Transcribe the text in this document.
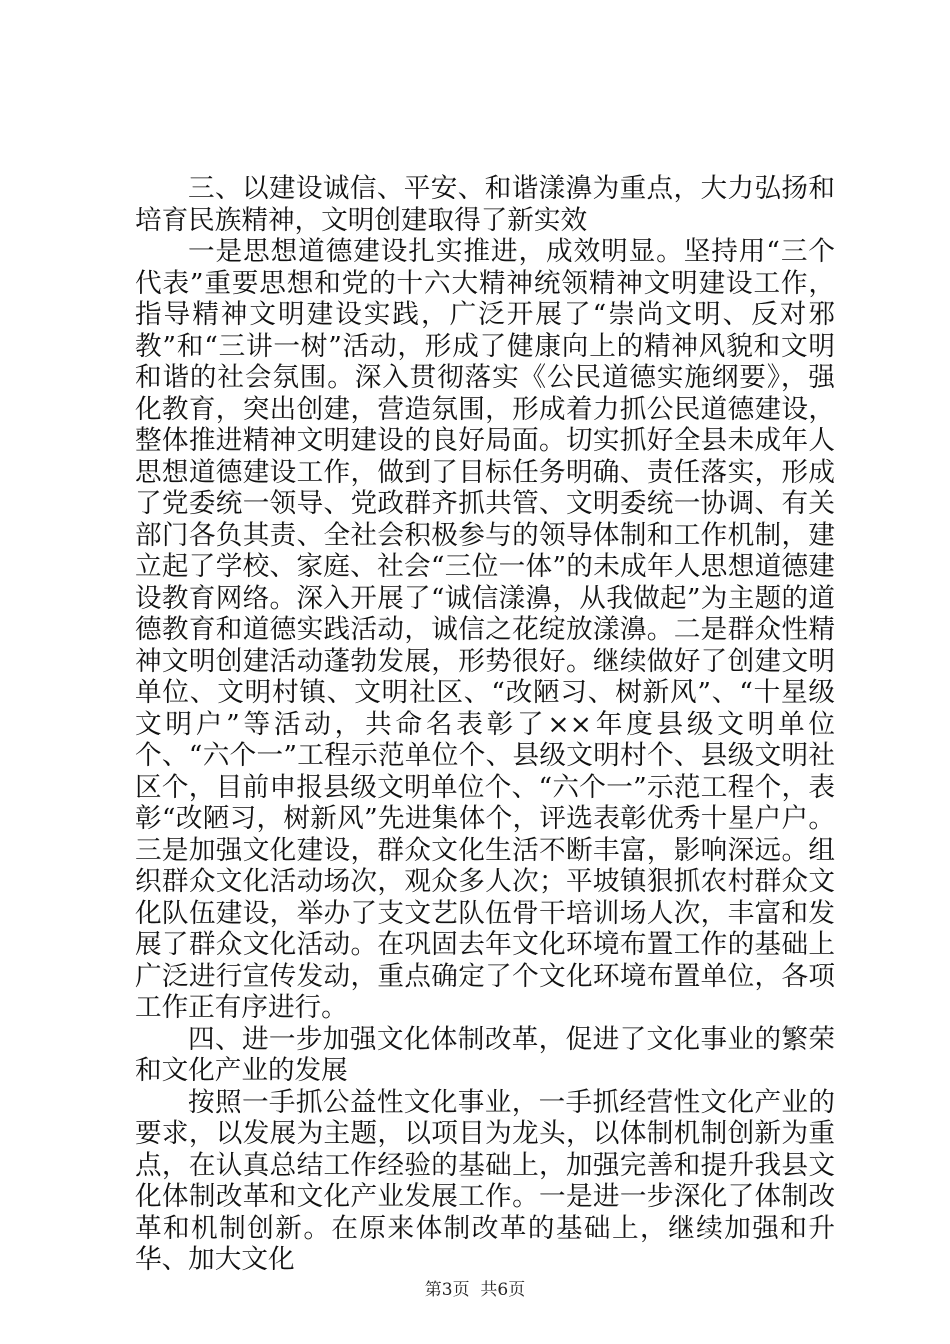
三、以建设诚信、平安、和谐漾濞为重点，大力弘扬和培育民族精神，文明创建取得了新实效

一是思想道德建设扎实推进，成效明显。坚持用“三个代表”重要思想和党的十六大精神统领精神文明建设工作，指导精神文明建设实践，广泛开展了“崇尚文明、反对邪教”和“三讲一树”活动，形成了健康向上的精神风貌和文明和谐的社会氛围。深入贯彻落实《公民道德实施纲要》，强化教育，突出创建，营造氛围，形成着力抓公民道德建设，整体推进精神文明建设的良好局面。切实抓好全县未成年人思想道德建设工作，做到了目标任务明确、责任落实，形成了党委统一领导、党政群齐抓共管、文明委统一协调、有关部门各负其责、全社会积极参与的领导体制和工作机制，建立起了学校、家庭、社会“三位一体”的未成年人思想道德建设教育网络。深入开展了“诚信漾濞，从我做起”为主题的道德教育和道德实践活动，诚信之花绽放漾濞。二是群众性精神文明创建活动蓬勃发展，形势很好。继续做好了创建文明单位、文明村镇、文明社区、“改陋习、树新风”、“十星级文明户”等活动，共命名表彰了××年度县级文明单位个、“六个一”工程示范单位个、县级文明村个、县级文明社区个，目前申报县级文明单位个、“六个一”示范工程个，表彰“改陋习，树新风”先进集体个，评选表彰优秀十星户户。三是加强文化建设，群众文化生活不断丰富，影响深远。组织群众文化活动场次，观众多人次；平坡镇狠抓农村群众文化队伍建设，举办了支文艺队伍骨干培训场人次，丰富和发展了群众文化活动。在巩固去年文化环境布置工作的基础上广泛进行宣传发动，重点确定了个文化环境布置单位，各项工作正有序进行。

四、进一步加强文化体制改革，促进了文化事业的繁荣和文化产业的发展

按照一手抓公益性文化事业，一手抓经营性文化产业的要求，以发展为主题，以项目为龙头，以体制机制创新为重点，在认真总结工作经验的基础上，加强完善和提升我县文化体制改革和文化产业发展工作。一是进一步深化了体制改革和机制创新。在原来体制改革的基础上，继续加强和升华、加大文化

第3页  共6页
